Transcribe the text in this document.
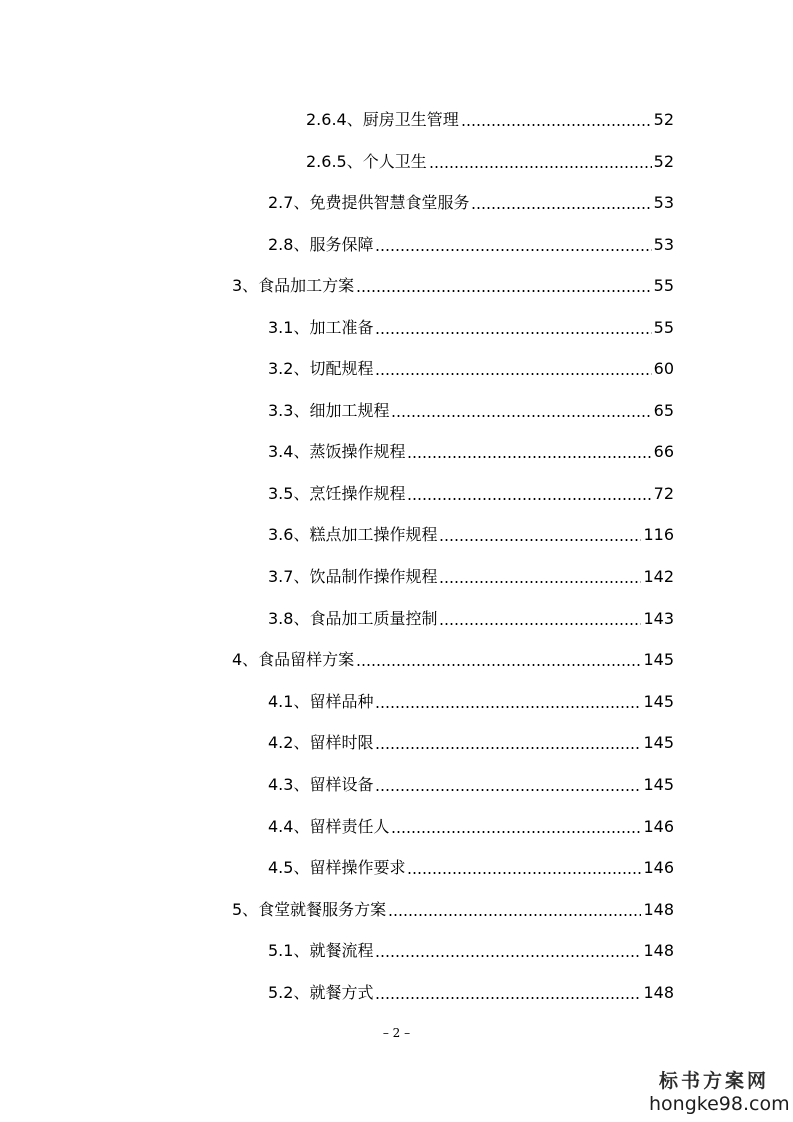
2.6.4、厨房卫生管理	52
2.6.5、个人卫生	52
2.7、免费提供智慧食堂服务	53
2.8、服务保障	53
3、食品加工方案	55
3.1、加工准备	55
3.2、切配规程	60
3.3、细加工规程	65
3.4、蒸饭操作规程	66
3.5、烹饪操作规程	72
3.6、糕点加工操作规程	116
3.7、饮品制作操作规程	142
3.8、食品加工质量控制	143
4、食品留样方案	145
4.1、留样品种	145
4.2、留样时限	145
4.3、留样设备	145
4.4、留样责任人	146
4.5、留样操作要求	146
5、食堂就餐服务方案	148
5.1、就餐流程	148
5.2、就餐方式	148
– 2 –
标书方案网
hongke98.com
